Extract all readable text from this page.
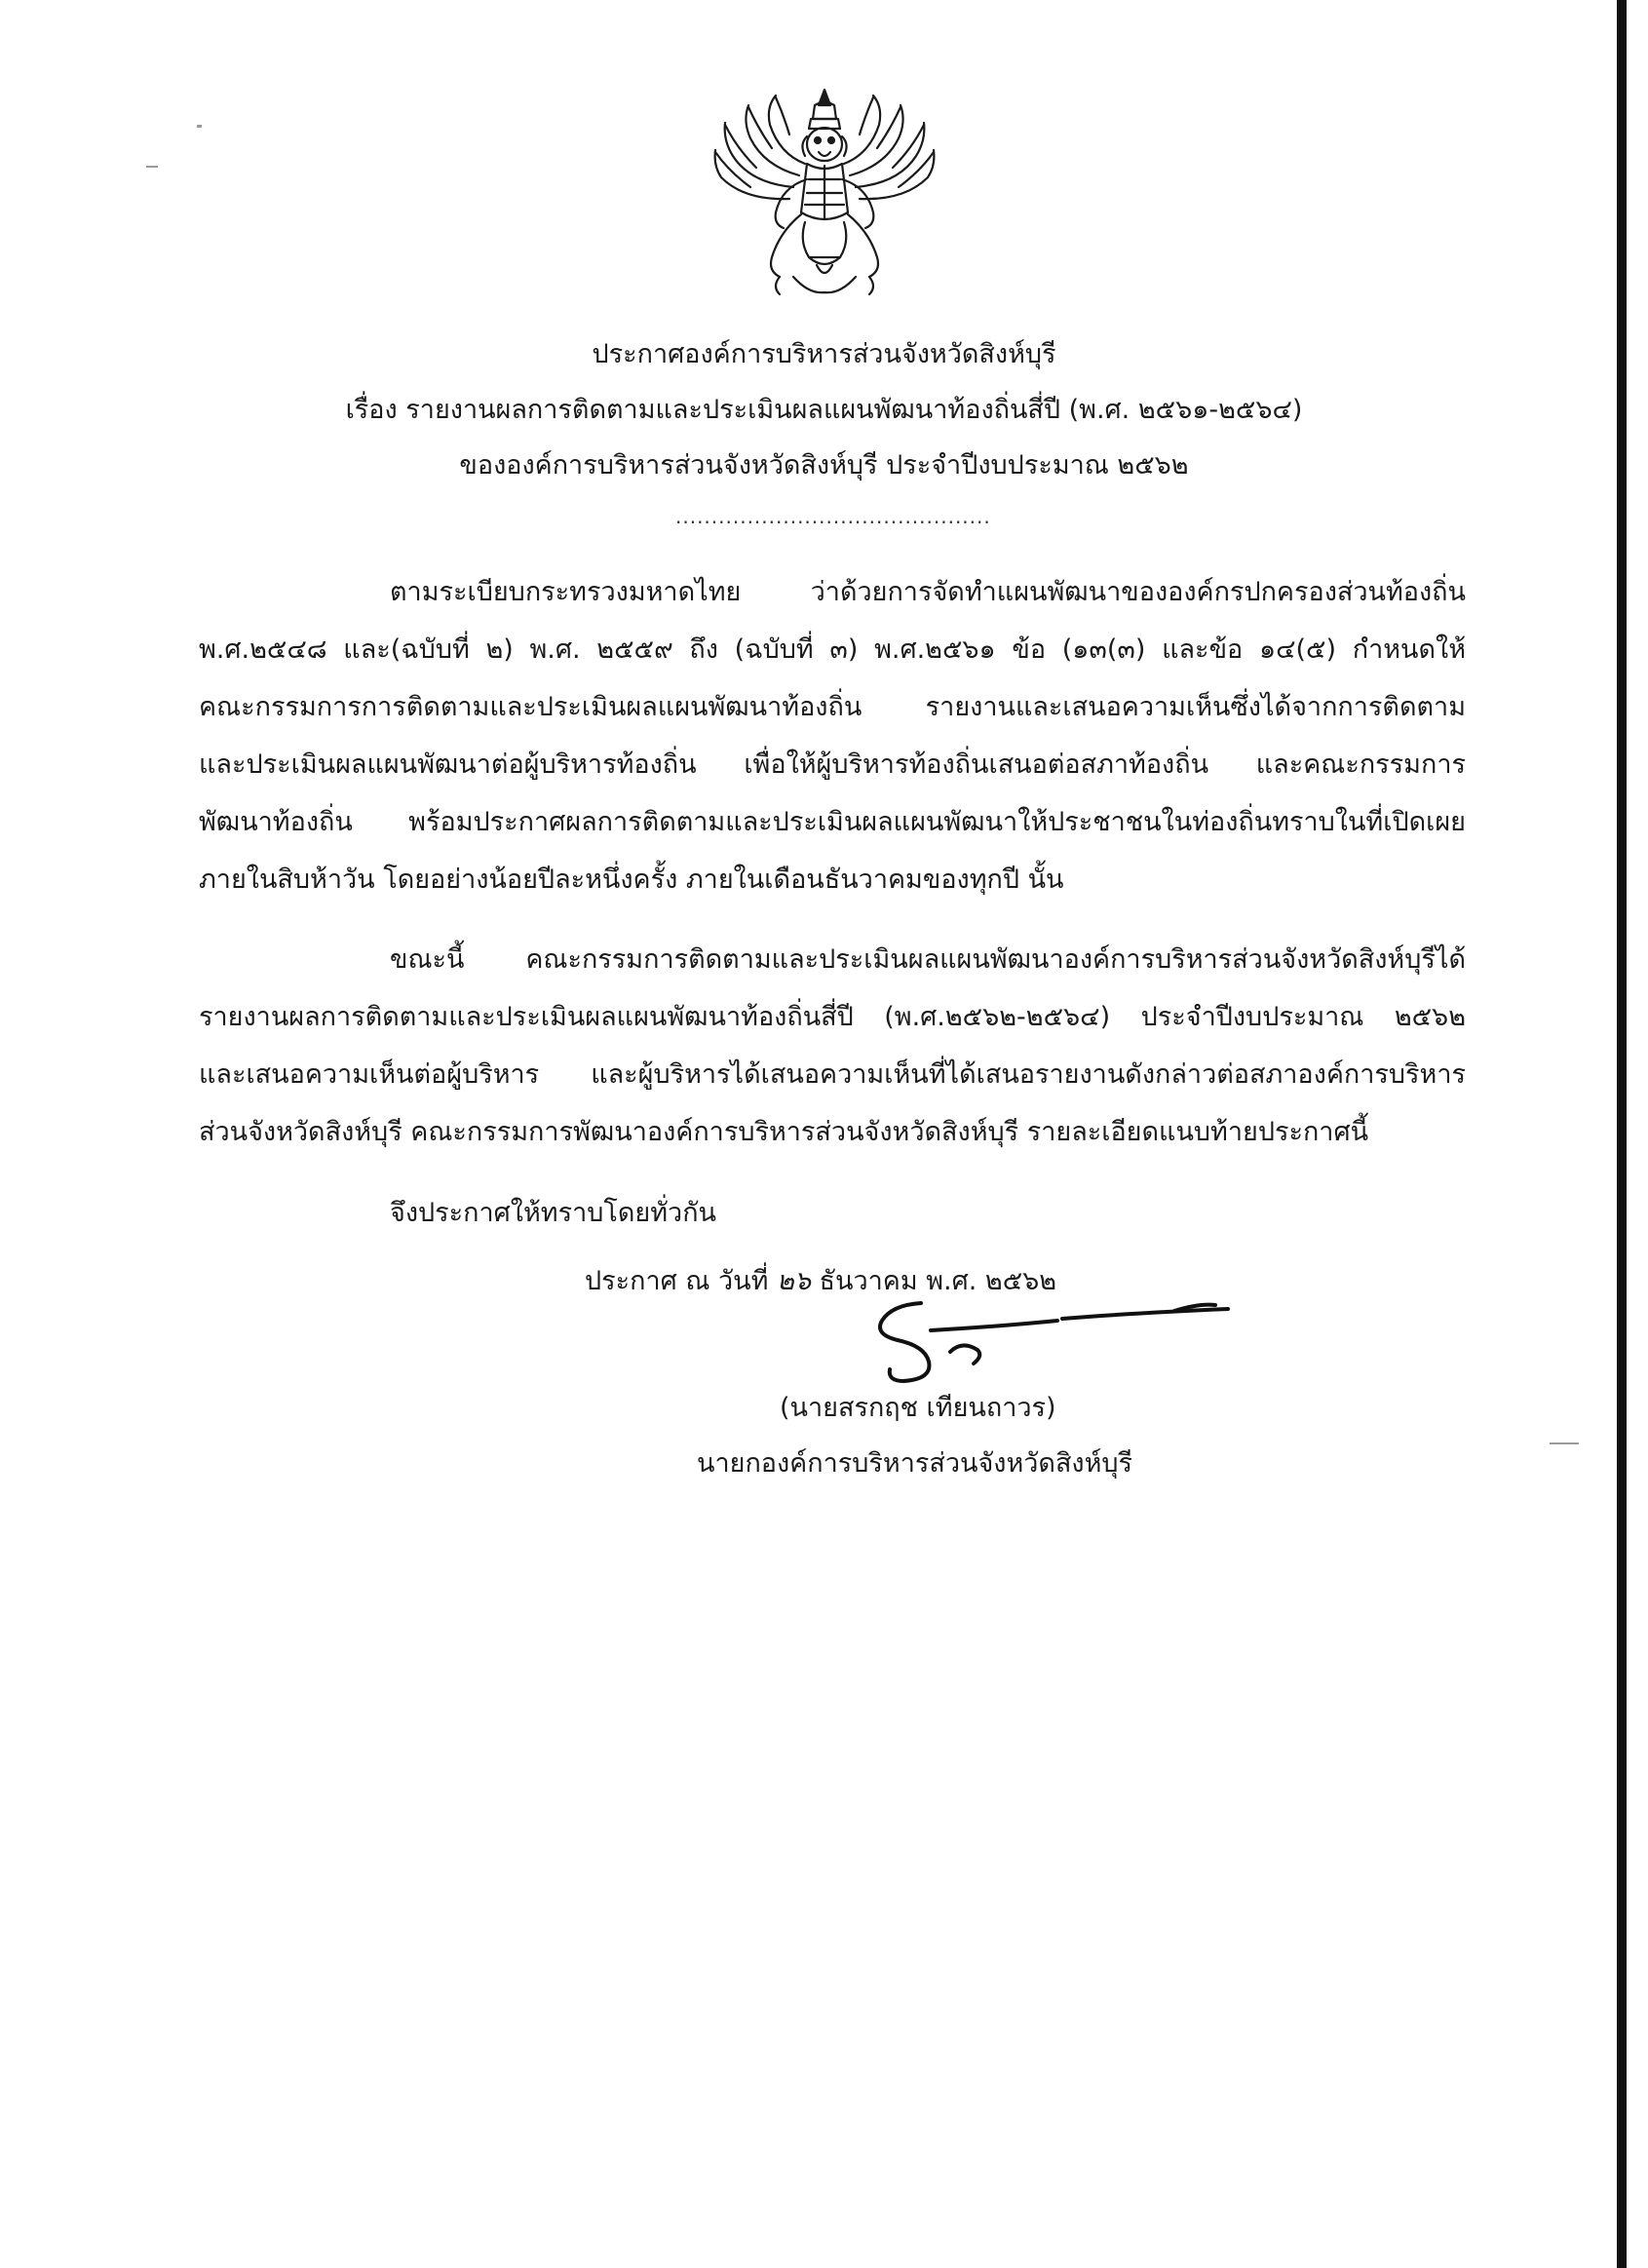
ประกาศองค์การบริหารส่วนจังหวัดสิงห์บุรี
เรื่อง รายงานผลการติดตามและประเมินผลแผนพัฒนาท้องถิ่นสี่ปี (พ.ศ. ๒๕๖๑-๒๕๖๔)
ขององค์การบริหารส่วนจังหวัดสิงห์บุรี ประจำปีงบประมาณ ๒๕๖๒
............................................
ตามระเบียบกระทรวงมหาดไทย ว่าด้วยการจัดทำแผนพัฒนาขององค์กรปกครองส่วนท้องถิ่น
พ.ศ.๒๕๔๘ และ(ฉบับที่ ๒) พ.ศ. ๒๕๕๙ ถึง (ฉบับที่ ๓) พ.ศ.๒๕๖๑ ข้อ (๑๓(๓) และข้อ ๑๔(๕) กำหนดให้
คณะกรรมการการติดตามและประเมินผลแผนพัฒนาท้องถิ่น รายงานและเสนอความเห็นซึ่งได้จากการติดตาม
และประเมินผลแผนพัฒนาต่อผู้บริหารท้องถิ่น เพื่อให้ผู้บริหารท้องถิ่นเสนอต่อสภาท้องถิ่น และคณะกรรมการ
พัฒนาท้องถิ่น พร้อมประกาศผลการติดตามและประเมินผลแผนพัฒนาให้ประชาชนในท่องถิ่นทราบในที่เปิดเผย
ภายในสิบห้าวัน โดยอย่างน้อยปีละหนึ่งครั้ง ภายในเดือนธันวาคมของทุกปี นั้น
ขณะนี้ คณะกรรมการติดตามและประเมินผลแผนพัฒนาองค์การบริหารส่วนจังหวัดสิงห์บุรีได้
รายงานผลการติดตามและประเมินผลแผนพัฒนาท้องถิ่นสี่ปี (พ.ศ.๒๕๖๒-๒๕๖๔) ประจำปีงบประมาณ ๒๕๖๒
และเสนอความเห็นต่อผู้บริหาร และผู้บริหารได้เสนอความเห็นที่ได้เสนอรายงานดังกล่าวต่อสภาองค์การบริหาร
ส่วนจังหวัดสิงห์บุรี คณะกรรมการพัฒนาองค์การบริหารส่วนจังหวัดสิงห์บุรี รายละเอียดแนบท้ายประกาศนี้
จึงประกาศให้ทราบโดยทั่วกัน
ประกาศ ณ วันที่ ๒๖ ธันวาคม พ.ศ. ๒๕๖๒
(นายสรกฤช เทียนถาวร)
นายกองค์การบริหารส่วนจังหวัดสิงห์บุรี
